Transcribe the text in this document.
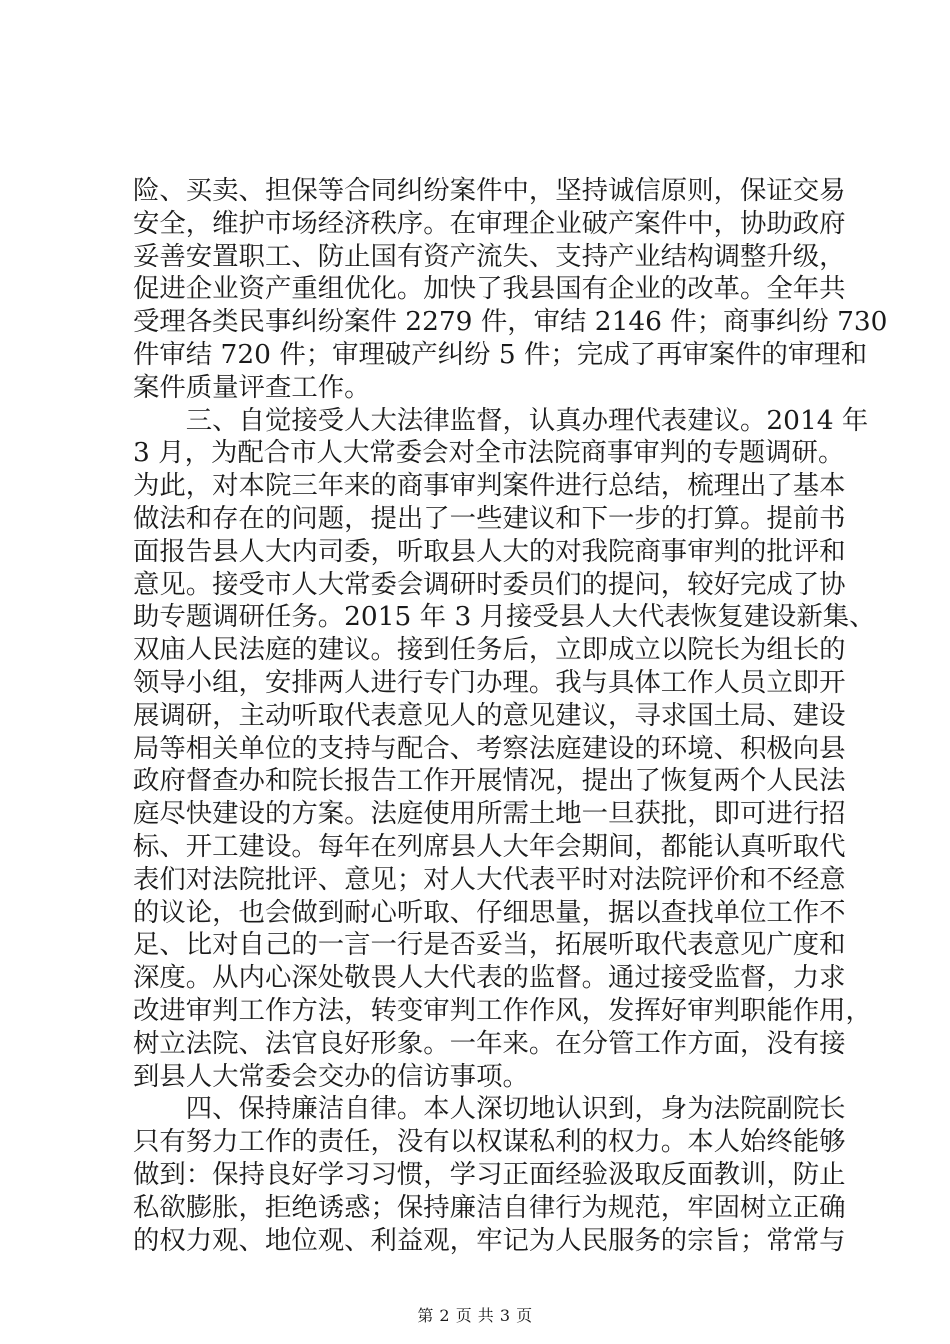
险、买卖、担保等合同纠纷案件中，坚持诚信原则，保证交易
安全，维护市场经济秩序。在审理企业破产案件中，协助政府
妥善安置职工、防止国有资产流失、支持产业结构调整升级，
促进企业资产重组优化。加快了我县国有企业的改革。全年共
受理各类民事纠纷案件 2279 件，审结 2146 件；商事纠纷 730
件审结 720 件；审理破产纠纷 5 件；完成了再审案件的审理和
案件质量评查工作。
　　三、自觉接受人大法律监督，认真办理代表建议。2014 年
3 月，为配合市人大常委会对全市法院商事审判的专题调研。
为此，对本院三年来的商事审判案件进行总结，梳理出了基本
做法和存在的问题，提出了一些建议和下一步的打算。提前书
面报告县人大内司委，听取县人大的对我院商事审判的批评和
意见。接受市人大常委会调研时委员们的提问，较好完成了协
助专题调研任务。2015 年 3 月接受县人大代表恢复建设新集、
双庙人民法庭的建议。接到任务后，立即成立以院长为组长的
领导小组，安排两人进行专门办理。我与具体工作人员立即开
展调研，主动听取代表意见人的意见建议，寻求国土局、建设
局等相关单位的支持与配合、考察法庭建设的环境、积极向县
政府督查办和院长报告工作开展情况，提出了恢复两个人民法
庭尽快建设的方案。法庭使用所需土地一旦获批，即可进行招
标、开工建设。每年在列席县人大年会期间，都能认真听取代
表们对法院批评、意见；对人大代表平时对法院评价和不经意
的议论，也会做到耐心听取、仔细思量，据以查找单位工作不
足、比对自己的一言一行是否妥当，拓展听取代表意见广度和
深度。从内心深处敬畏人大代表的监督。通过接受监督，力求
改进审判工作方法，转变审判工作作风，发挥好审判职能作用，
树立法院、法官良好形象。一年来。在分管工作方面，没有接
到县人大常委会交办的信访事项。
　　四、保持廉洁自律。本人深切地认识到，身为法院副院长
只有努力工作的责任，没有以权谋私利的权力。本人始终能够
做到：保持良好学习习惯，学习正面经验汲取反面教训，防止
私欲膨胀，拒绝诱惑；保持廉洁自律行为规范，牢固树立正确
的权力观、地位观、利益观，牢记为人民服务的宗旨；常常与
第 2 页 共 3 页
